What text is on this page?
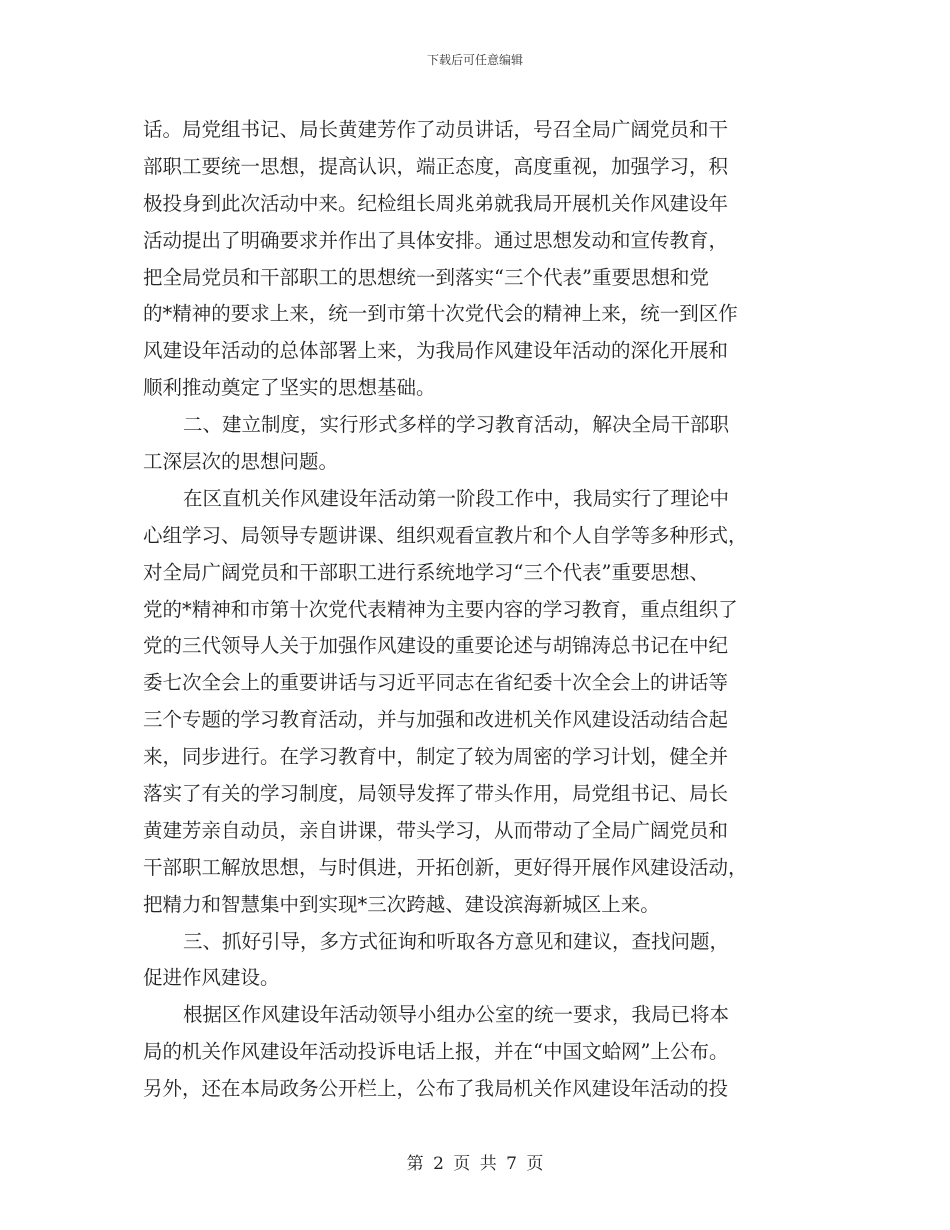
下载后可任意编辑
话。局党组书记、局长黄建芳作了动员讲话，号召全局广阔党员和干
部职工要统一思想，提高认识，端正态度，高度重视，加强学习，积
极投身到此次活动中来。纪检组长周兆弟就我局开展机关作风建设年
活动提出了明确要求并作出了具体安排。通过思想发动和宣传教育，
把全局党员和干部职工的思想统一到落实“三个代表”重要思想和党
的*精神的要求上来，统一到市第十次党代会的精神上来，统一到区作
风建设年活动的总体部署上来，为我局作风建设年活动的深化开展和
顺利推动奠定了坚实的思想基础。
二、建立制度，实行形式多样的学习教育活动，解决全局干部职
工深层次的思想问题。
在区直机关作风建设年活动第一阶段工作中，我局实行了理论中
心组学习、局领导专题讲课、组织观看宣教片和个人自学等多种形式，
对全局广阔党员和干部职工进行系统地学习“三个代表”重要思想、
党的*精神和市第十次党代表精神为主要内容的学习教育，重点组织了
党的三代领导人关于加强作风建设的重要论述与胡锦涛总书记在中纪
委七次全会上的重要讲话与习近平同志在省纪委十次全会上的讲话等
三个专题的学习教育活动，并与加强和改进机关作风建设活动结合起
来，同步进行。在学习教育中，制定了较为周密的学习计划，健全并
落实了有关的学习制度，局领导发挥了带头作用，局党组书记、局长
黄建芳亲自动员，亲自讲课，带头学习，从而带动了全局广阔党员和
干部职工解放思想，与时俱进，开拓创新，更好得开展作风建设活动，
把精力和智慧集中到实现*三次跨越、建设滨海新城区上来。
三、抓好引导，多方式征询和听取各方意见和建议，查找问题，
促进作风建设。
根据区作风建设年活动领导小组办公室的统一要求，我局已将本
局的机关作风建设年活动投诉电话上报，并在“中国文蛤网”上公布。
另外，还在本局政务公开栏上，公布了我局机关作风建设年活动的投
第 2 页 共 7 页
